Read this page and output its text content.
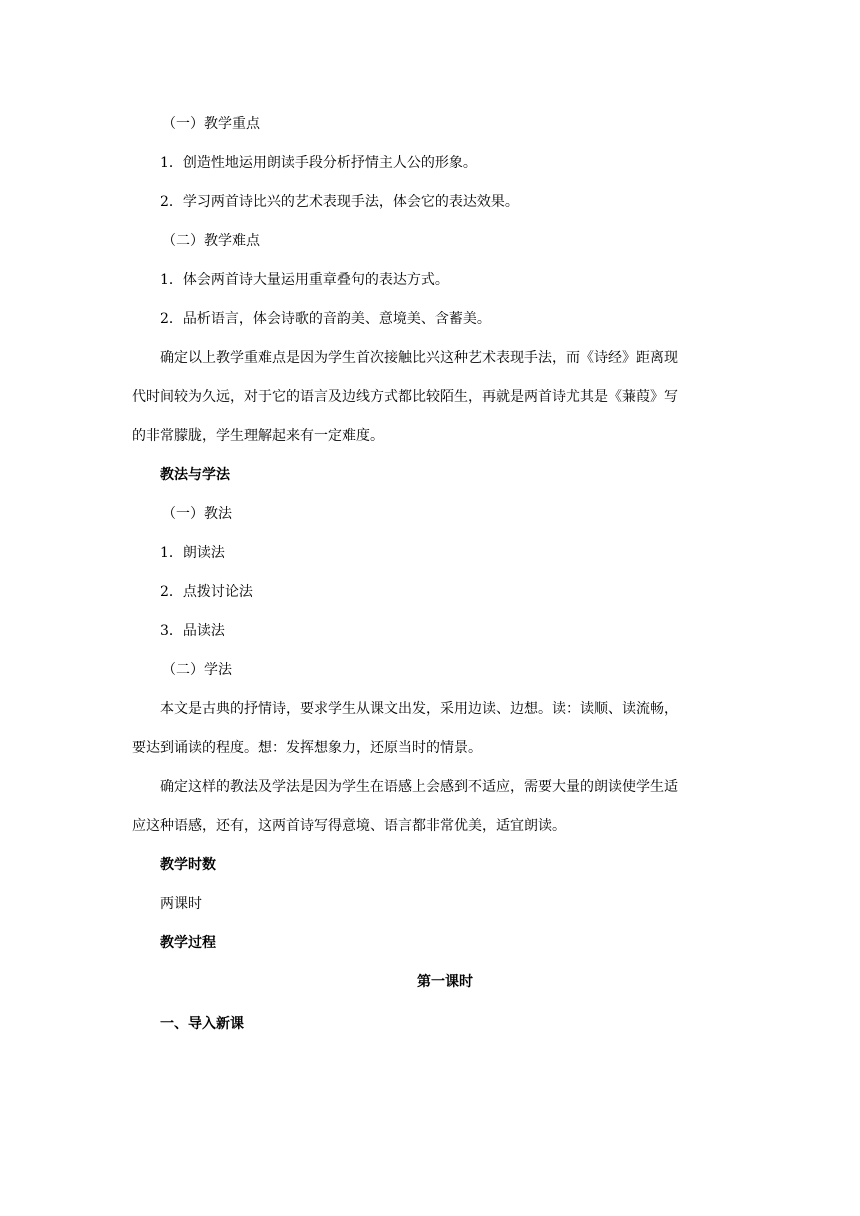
（一）教学重点
1．创造性地运用朗读手段分析抒情主人公的形象。
2．学习两首诗比兴的艺术表现手法，体会它的表达效果。
（二）教学难点
1．体会两首诗大量运用重章叠句的表达方式。
2．品析语言，体会诗歌的音韵美、意境美、含蓄美。
确定以上教学重难点是因为学生首次接触比兴这种艺术表现手法，而《诗经》距离现
代时间较为久远，对于它的语言及边线方式都比较陌生，再就是两首诗尤其是《蒹葭》写
的非常朦胧，学生理解起来有一定难度。
教法与学法
（一）教法
1．朗读法
2．点拨讨论法
3．品读法
（二）学法
本文是古典的抒情诗，要求学生从课文出发，采用边读、边想。读：读顺、读流畅，
要达到诵读的程度。想：发挥想象力，还原当时的情景。
确定这样的教法及学法是因为学生在语感上会感到不适应，需要大量的朗读使学生适
应这种语感，还有，这两首诗写得意境、语言都非常优美，适宜朗读。
教学时数
两课时
教学过程
第一课时
一、导入新课
